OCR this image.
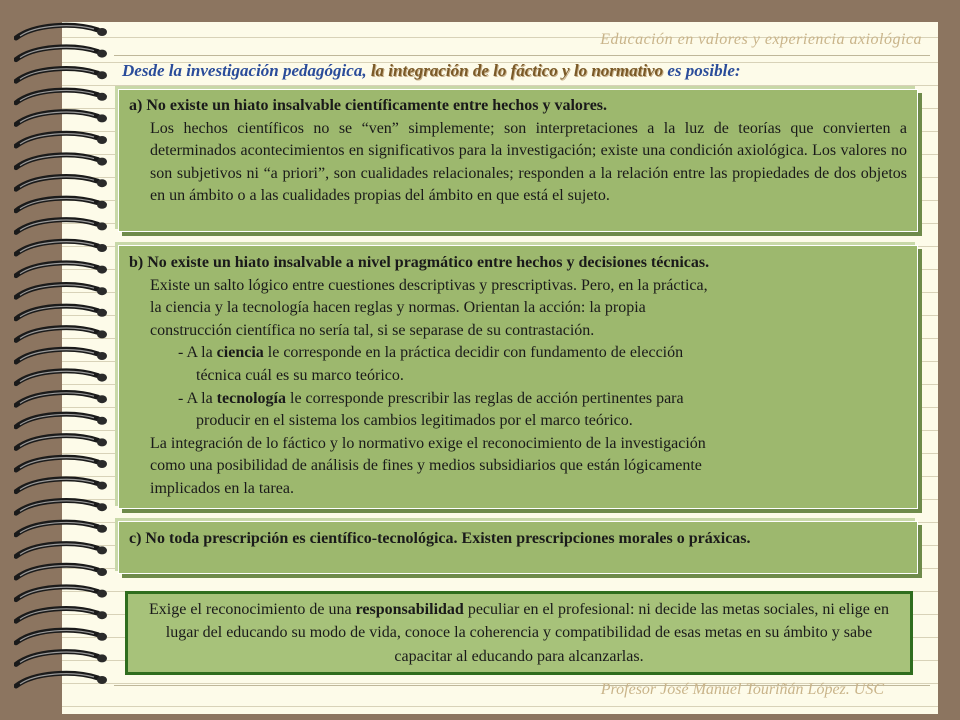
Educación en valores y experiencia axiológica
Desde la investigación pedagógica, la integración de lo fáctico y lo normativo es posible:
a) No existe un hiato insalvable científicamente entre hechos y valores.
Los hechos científicos no se “ven” simplemente; son interpretaciones a la luz de teorías que convierten a determinados acontecimientos en significativos para la investigación; existe una condición axiológica. Los valores no son subjetivos ni “a priori”, son cualidades relacionales; responden a la relación entre las propiedades de dos objetos en un ámbito o a las cualidades propias del ámbito en que está el sujeto.
b) No existe un hiato insalvable a nivel pragmático entre hechos y decisiones técnicas.
Existe un salto lógico entre cuestiones descriptivas y prescriptivas. Pero, en la práctica,
la ciencia y la tecnología hacen reglas y normas. Orientan la acción: la propia
construcción científica no sería tal, si se separase de su contrastación.
- A la ciencia le corresponde en la práctica decidir con fundamento de elección
técnica cuál es su marco teórico.
- A la tecnología le corresponde prescribir las reglas de acción pertinentes para
producir en el sistema los cambios legitimados por el marco teórico.
La integración de lo fáctico y lo normativo exige el reconocimiento de la investigación
como una posibilidad de análisis de fines y medios subsidiarios que están lógicamente
implicados en la tarea.
c) No toda prescripción es científico-tecnológica. Existen prescripciones morales o práxicas.
Exige el reconocimiento de una responsabilidad peculiar en el profesional: ni decide las metas sociales, ni elige en lugar del educando su modo de vida, conoce la coherencia y compatibilidad de esas metas en su ámbito y sabe capacitar al educando para alcanzarlas.
Profesor José Manuel Touriñán López. USC
